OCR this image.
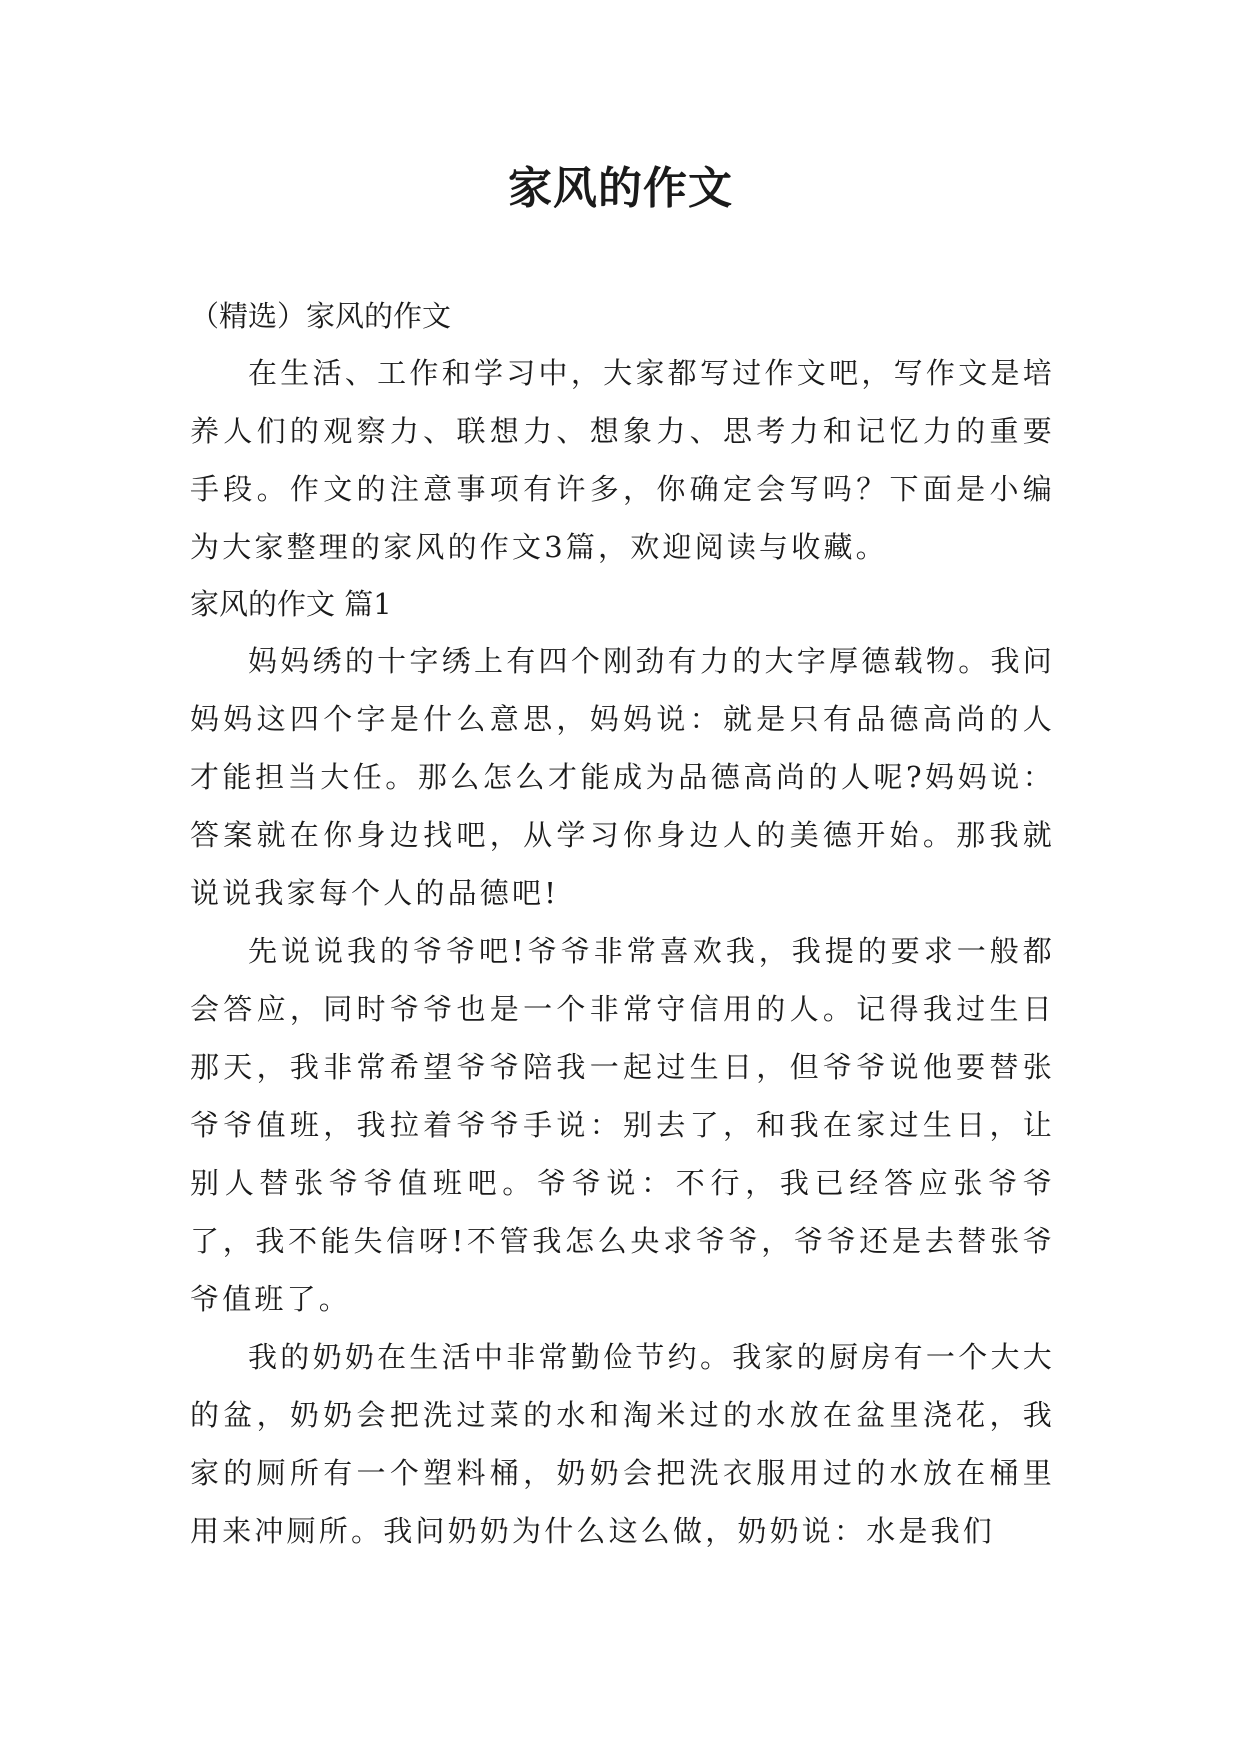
家风的作文

（精选）家风的作文

在生活、工作和学习中，大家都写过作文吧，写作文是培养人们的观察力、联想力、想象力、思考力和记忆力的重要手段。作文的注意事项有许多，你确定会写吗？下面是小编为大家整理的家风的作文3篇，欢迎阅读与收藏。

家风的作文 篇1

妈妈绣的十字绣上有四个刚劲有力的大字厚德载物。我问妈妈这四个字是什么意思，妈妈说：就是只有品德高尚的人才能担当大任。那么怎么才能成为品德高尚的人呢?妈妈说：答案就在你身边找吧，从学习你身边人的美德开始。那我就说说我家每个人的品德吧!

先说说我的爷爷吧!爷爷非常喜欢我，我提的要求一般都会答应，同时爷爷也是一个非常守信用的人。记得我过生日那天，我非常希望爷爷陪我一起过生日，但爷爷说他要替张爷爷值班，我拉着爷爷手说：别去了，和我在家过生日，让别人替张爷爷值班吧。爷爷说：不行，我已经答应张爷爷了，我不能失信呀!不管我怎么央求爷爷，爷爷还是去替张爷爷值班了。

我的奶奶在生活中非常勤俭节约。我家的厨房有一个大大的盆，奶奶会把洗过菜的水和淘米过的水放在盆里浇花，我家的厕所有一个塑料桶，奶奶会把洗衣服用过的水放在桶里用来冲厕所。我问奶奶为什么这么做，奶奶说：水是我们
